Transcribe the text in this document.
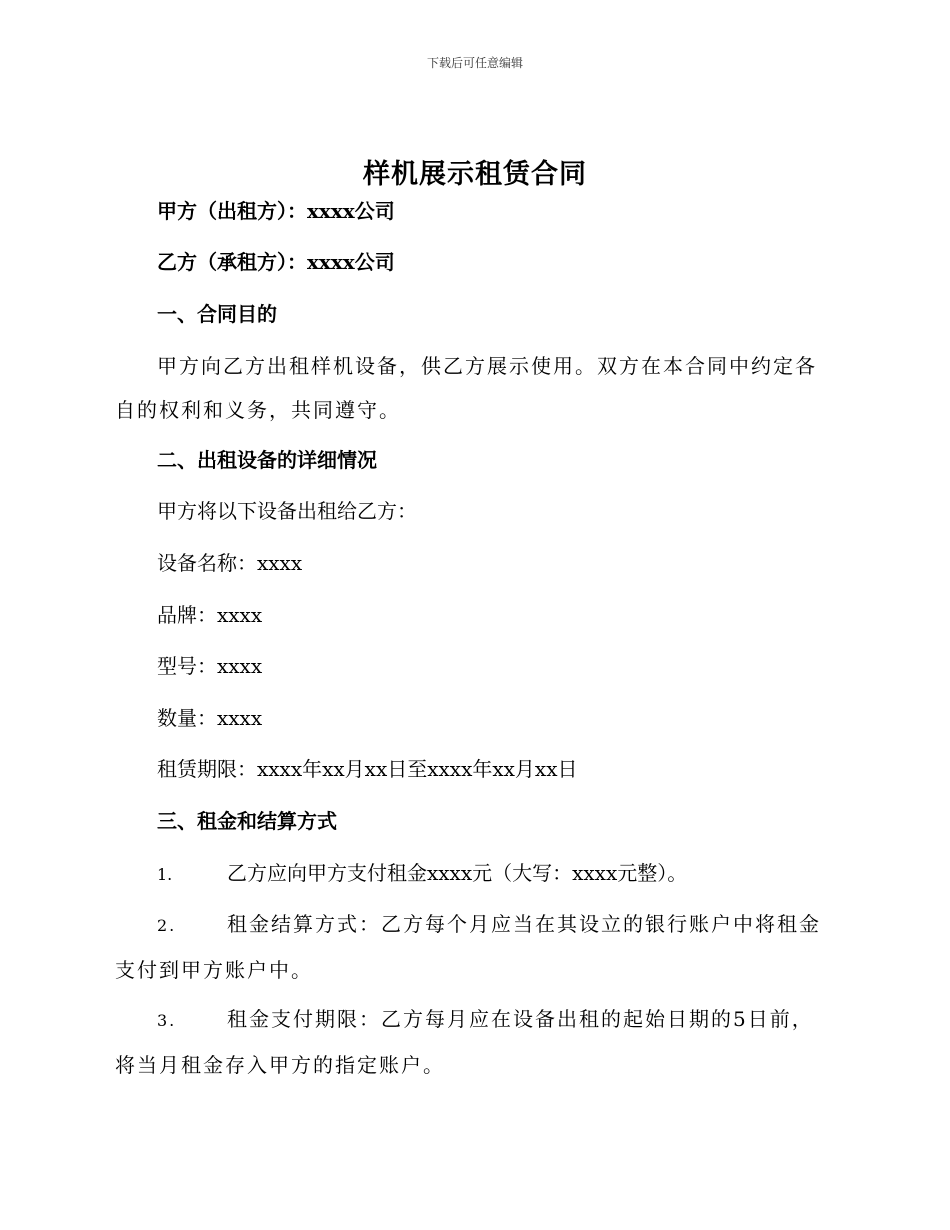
下载后可任意编辑
样机展示租赁合同
甲方（出租方）：xxxx公司
乙方（承租方）：xxxx公司
一、合同目的
甲方向乙方出租样机设备，供乙方展示使用。双方在本合同中约定各自的权利和义务，共同遵守。
二、出租设备的详细情况
甲方将以下设备出租给乙方：
设备名称：xxxx
品牌：xxxx
型号：xxxx
数量：xxxx
租赁期限：xxxx年xx月xx日至xxxx年xx月xx日
三、租金和结算方式
1.	乙方应向甲方支付租金xxxx元（大写：xxxx元整）。
2.	租金结算方式：乙方每个月应当在其设立的银行账户中将租金支付到甲方账户中。
3.	租金支付期限：乙方每月应在设备出租的起始日期的5日前，将当月租金存入甲方的指定账户。
